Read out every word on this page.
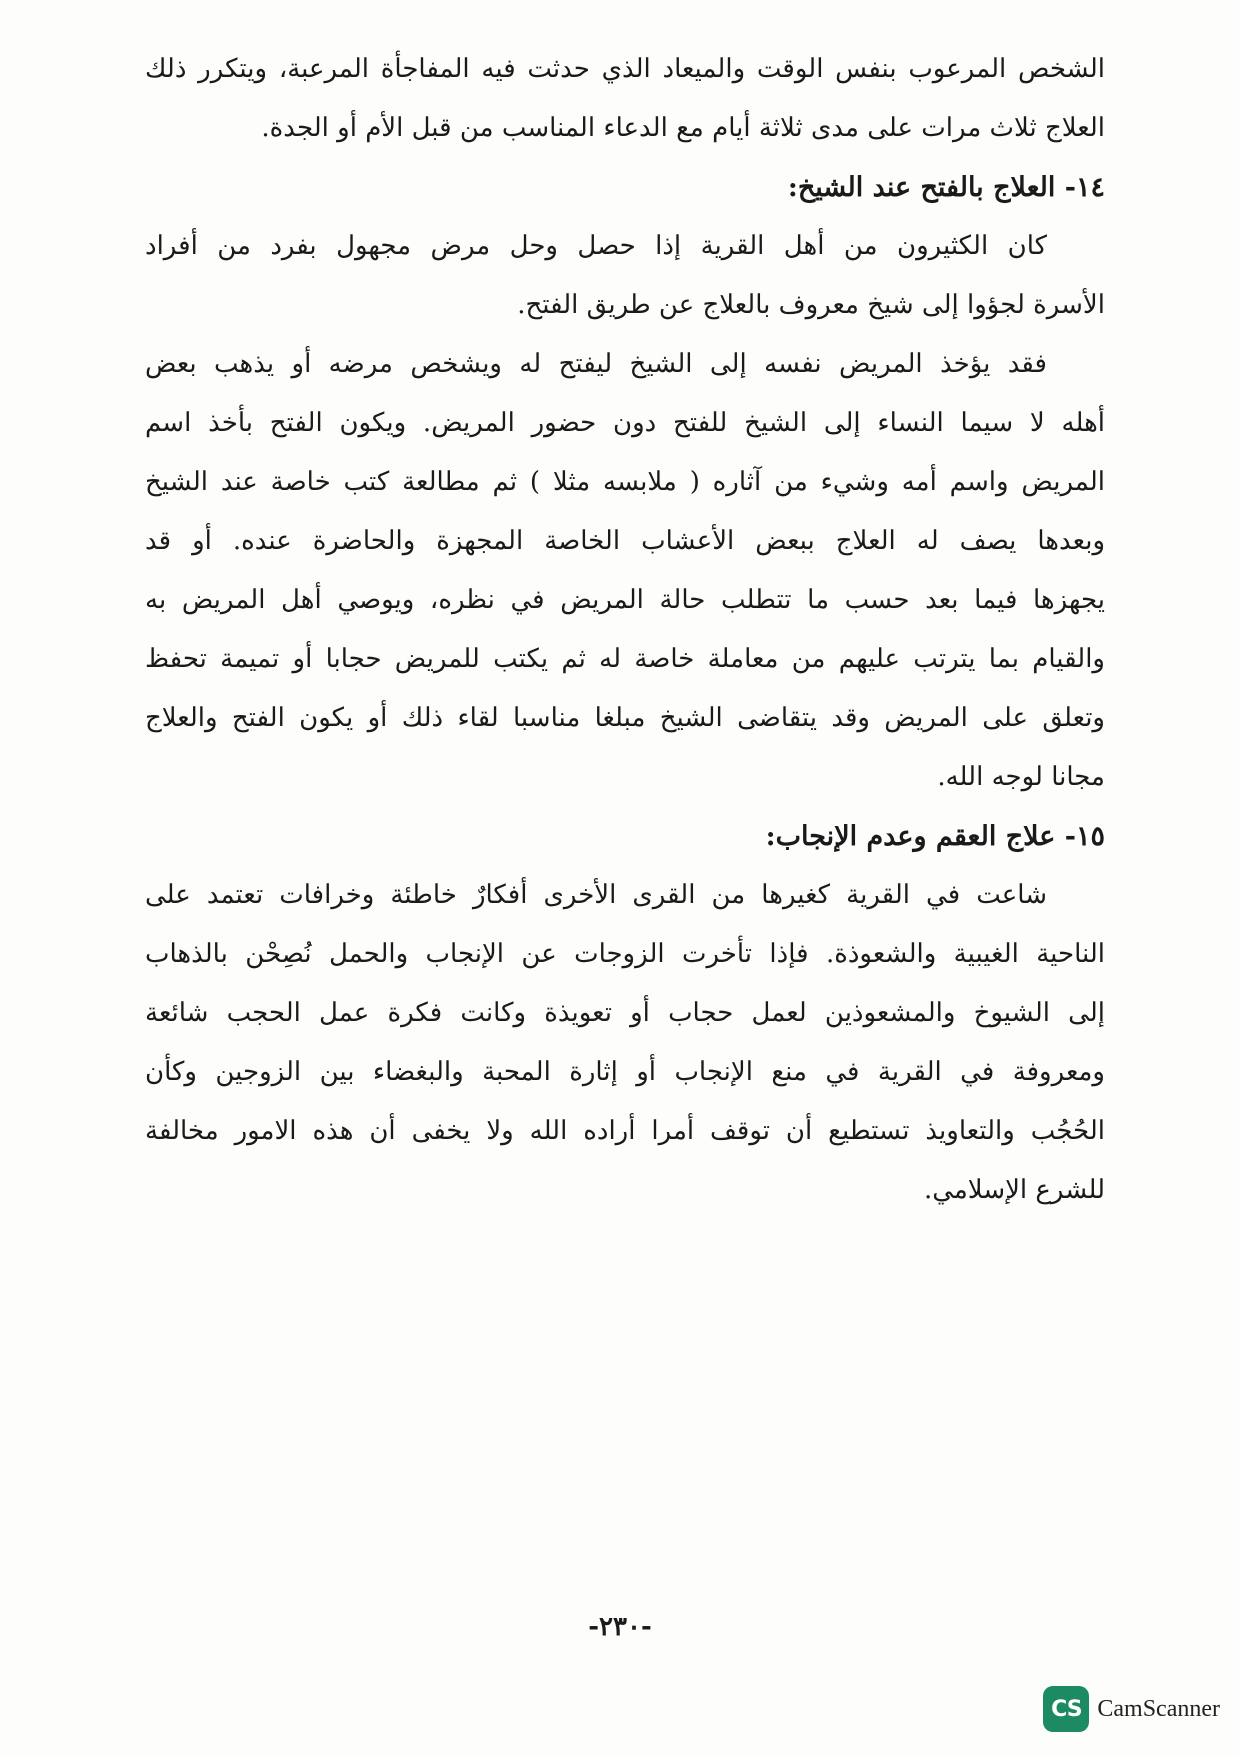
الشخص المرعوب بنفس الوقت والميعاد الذي حدثت فيه المفاجأة المرعبة، ويتكرر ذلك
العلاج ثلاث مرات على مدى ثلاثة أيام مع الدعاء المناسب من قبل الأم أو الجدة.
١٤- العلاج بالفتح عند الشيخ:
كان الكثيرون من أهل القرية إذا حصل وحل مرض مجهول بفرد من أفراد
الأسرة لجؤوا إلى شيخ معروف بالعلاج عن طريق الفتح.
فقد يؤخذ المريض نفسه إلى الشيخ ليفتح له ويشخص مرضه أو يذهب بعض
أهله لا سيما النساء إلى الشيخ للفتح دون حضور المريض. ويكون الفتح بأخذ اسم
المريض واسم أمه وشيء من آثاره ( ملابسه مثلا ) ثم مطالعة كتب خاصة عند الشيخ
وبعدها يصف له العلاج ببعض الأعشاب الخاصة المجهزة والحاضرة عنده. أو قد
يجهزها فيما بعد حسب ما تتطلب حالة المريض في نظره، ويوصي أهل المريض به
والقيام بما يترتب عليهم من معاملة خاصة له ثم يكتب للمريض حجابا أو تميمة تحفظ
وتعلق على المريض وقد يتقاضى الشيخ مبلغا مناسبا لقاء ذلك أو يكون الفتح والعلاج
مجانا لوجه الله.
١٥- علاج العقم وعدم الإنجاب:
شاعت في القرية كغيرها من القرى الأخرى أفكارٌ خاطئة وخرافات تعتمد على
الناحية الغيبية والشعوذة. فإذا تأخرت الزوجات عن الإنجاب والحمل نُصِحْن بالذهاب
إلى الشيوخ والمشعوذين لعمل حجاب أو تعويذة وكانت فكرة عمل الحجب شائعة
ومعروفة في القرية في منع الإنجاب أو إثارة المحبة والبغضاء بين الزوجين وكأن
الحُجُب والتعاويذ تستطيع أن توقف أمرا أراده الله ولا يخفى أن هذه الامور مخالفة
للشرع الإسلامي.
-٢٣٠-
CS CamScanner
